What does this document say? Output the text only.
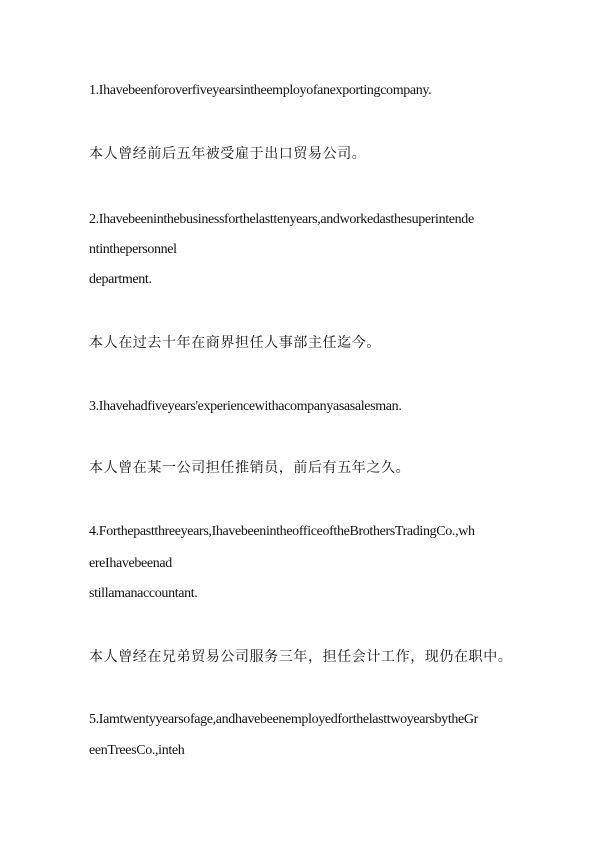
1.Ihavebeenforoverfiveyearsintheemployofanexportingcompany.
本人曾经前后五年被受雇于出口贸易公司。
2.Ihavebeeninthebusinessforthelasttenyears,andworkedasthesuperintende
ntinthepersonnel
department.
本人在过去十年在商界担任人事部主任迄今。
3.Ihavehadfiveyears'experiencewithacompanyasasalesman.
本人曾在某一公司担任推销员，前后有五年之久。
4.Forthepastthreeyears,IhavebeenintheofficeoftheBrothersTradingCo.,wh
ereIhavebeenad
stillamanaccountant.
本人曾经在兄弟贸易公司服务三年，担任会计工作，现仍在职中。
5.Iamtwentyyearsofage,andhavebeenemployedforthelasttwoyearsbytheGr
eenTreesCo.,inteh
